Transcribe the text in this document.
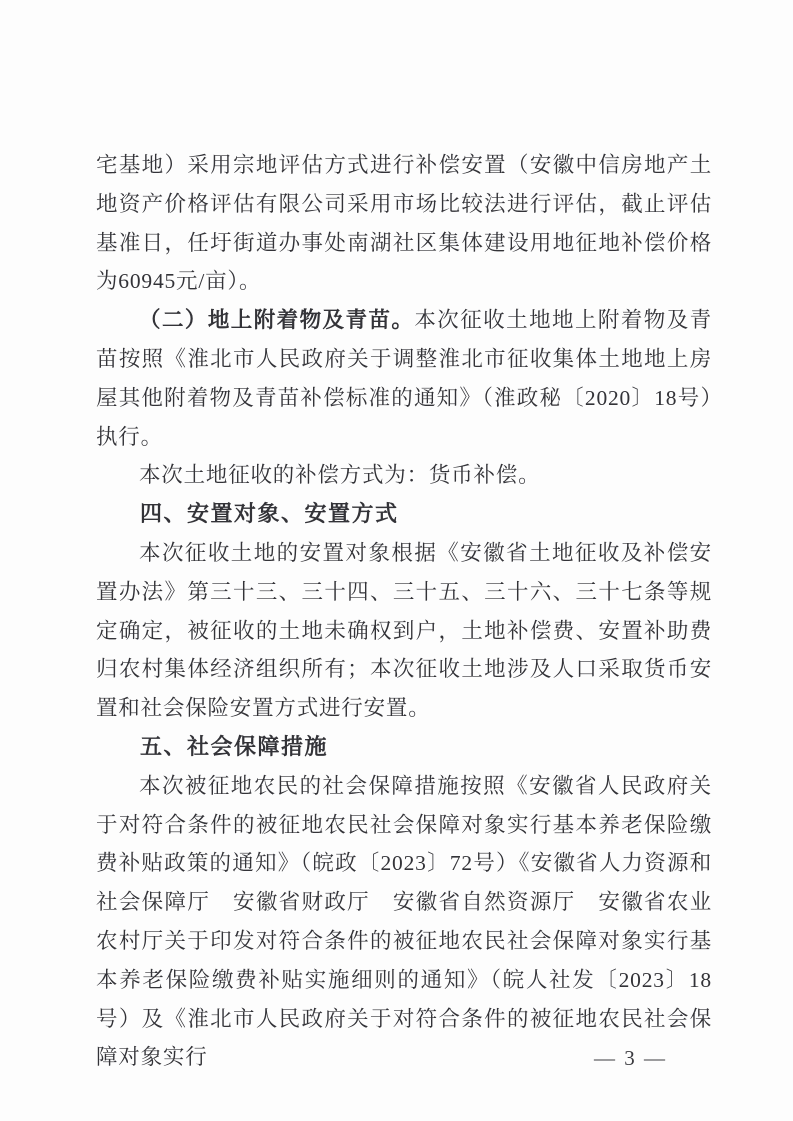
宅基地）采用宗地评估方式进行补偿安置（安徽中信房地产土地资产价格评估有限公司采用市场比较法进行评估，截止评估基准日，任圩街道办事处南湖社区集体建设用地征地补偿价格为60945元/亩）。

（二）地上附着物及青苗。本次征收土地地上附着物及青苗按照《淮北市人民政府关于调整淮北市征收集体土地地上房屋其他附着物及青苗补偿标准的通知》（淮政秘〔2020〕18号）执行。

本次土地征收的补偿方式为：货币补偿。

四、安置对象、安置方式

本次征收土地的安置对象根据《安徽省土地征收及补偿安置办法》第三十三、三十四、三十五、三十六、三十七条等规定确定，被征收的土地未确权到户，土地补偿费、安置补助费归农村集体经济组织所有；本次征收土地涉及人口采取货币安置和社会保险安置方式进行安置。

五、社会保障措施

本次被征地农民的社会保障措施按照《安徽省人民政府关于对符合条件的被征地农民社会保障对象实行基本养老保险缴费补贴政策的通知》（皖政〔2023〕72号）《安徽省人力资源和社会保障厅　安徽省财政厅　安徽省自然资源厅　安徽省农业农村厅关于印发对符合条件的被征地农民社会保障对象实行基本养老保险缴费补贴实施细则的通知》（皖人社发〔2023〕18号）及《淮北市人民政府关于对符合条件的被征地农民社会保障对象实行	— 3 —
